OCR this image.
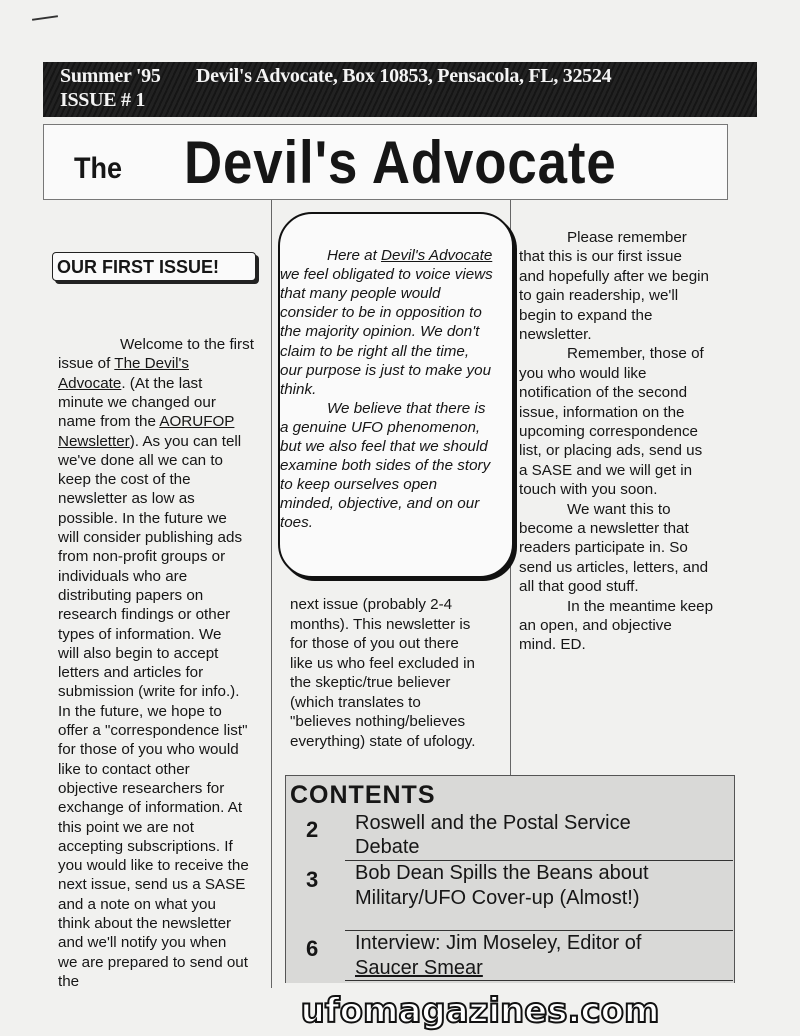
Summer '95 Devil's Advocate, Box 10853, Pensacola, FL, 32524
ISSUE # 1
The Devil's Advocate
OUR FIRST ISSUE!
Welcome to the first
issue of The Devil's
Advocate. (At the last
minute we changed our
name from the AORUFOP
Newsletter). As you can tell
we've done all we can to
keep the cost of the
newsletter as low as
possible. In the future we
will consider publishing ads
from non-profit groups or
individuals who are
distributing papers on
research findings or other
types of information. We
will also begin to accept
letters and articles for
submission (write for info.).
In the future, we hope to
offer a "correspondence list"
for those of you who would
like to contact other
objective researchers for
exchange of information. At
this point we are not
accepting subscriptions. If
you would like to receive the
next issue, send us a SASE
and a note on what you
think about the newsletter
and we'll notify you when
we are prepared to send out
the
Here at Devil's Advocate
we feel obligated to voice views
that many people would
consider to be in opposition to
the majority opinion. We don't
claim to be right all the time,
our purpose is just to make you
think.
We believe that there is
a genuine UFO phenomenon,
but we also feel that we should
examine both sides of the story
to keep ourselves open
minded, objective, and on our
toes.
next issue (probably 2-4
months). This newsletter is
for those of you out there
like us who feel excluded in
the skeptic/true believer
(which translates to
"believes nothing/believes
everything) state of ufology.
Please remember
that this is our first issue
and hopefully after we begin
to gain readership, we'll
begin to expand the
newsletter.
Remember, those of
you who would like
notification of the second
issue, information on the
upcoming correspondence
list, or placing ads, send us
a SASE and we will get in
touch with you soon.
We want this to
become a newsletter that
readers participate in. So
send us articles, letters, and
all that good stuff.
In the meantime keep
an open, and objective
mind. ED.
CONTENTS
2 Roswell and the Postal Service
Debate
3 Bob Dean Spills the Beans about
Military/UFO Cover-up (Almost!)
6 Interview: Jim Moseley, Editor of
Saucer Smear
ufomagazines.com
